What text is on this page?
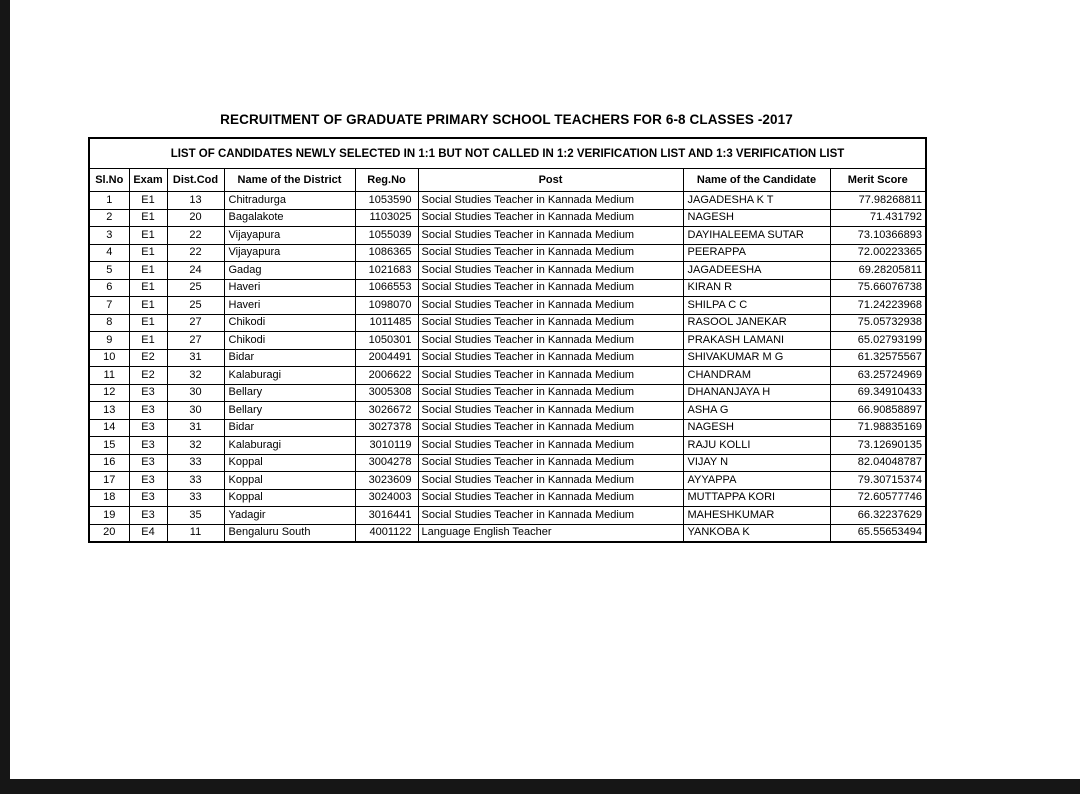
RECRUITMENT OF GRADUATE PRIMARY SCHOOL TEACHERS FOR 6-8 CLASSES -2017
LIST OF CANDIDATES NEWLY SELECTED IN 1:1 BUT NOT CALLED IN 1:2 VERIFICATION LIST AND 1:3 VERIFICATION LIST							
Sl.No	Exam	Dist.Cod	Name of the District	Reg.No	Post	Name of the Candidate	Merit Score
1	E1	13	Chitradurga	1053590	Social Studies Teacher in Kannada Medium	JAGADESHA K T	77.98268811
2	E1	20	Bagalakote	1103025	Social Studies Teacher in Kannada Medium	NAGESH	71.431792
3	E1	22	Vijayapura	1055039	Social Studies Teacher in Kannada Medium	DAYIHALEEMA SUTAR	73.10366893
4	E1	22	Vijayapura	1086365	Social Studies Teacher in Kannada Medium	PEERAPPA	72.00223365
5	E1	24	Gadag	1021683	Social Studies Teacher in Kannada Medium	JAGADEESHA	69.28205811
6	E1	25	Haveri	1066553	Social Studies Teacher in Kannada Medium	KIRAN R	75.66076738
7	E1	25	Haveri	1098070	Social Studies Teacher in Kannada Medium	SHILPA C C	71.24223968
8	E1	27	Chikodi	1011485	Social Studies Teacher in Kannada Medium	RASOOL JANEKAR	75.05732938
9	E1	27	Chikodi	1050301	Social Studies Teacher in Kannada Medium	PRAKASH LAMANI	65.02793199
10	E2	31	Bidar	2004491	Social Studies Teacher in Kannada Medium	SHIVAKUMAR M G	61.32575567
11	E2	32	Kalaburagi	2006622	Social Studies Teacher in Kannada Medium	CHANDRAM	63.25724969
12	E3	30	Bellary	3005308	Social Studies Teacher in Kannada Medium	DHANANJAYA H	69.34910433
13	E3	30	Bellary	3026672	Social Studies Teacher in Kannada Medium	ASHA G	66.90858897
14	E3	31	Bidar	3027378	Social Studies Teacher in Kannada Medium	NAGESH	71.98835169
15	E3	32	Kalaburagi	3010119	Social Studies Teacher in Kannada Medium	RAJU KOLLI	73.12690135
16	E3	33	Koppal	3004278	Social Studies Teacher in Kannada Medium	VIJAY N	82.04048787
17	E3	33	Koppal	3023609	Social Studies Teacher in Kannada Medium	AYYAPPA	79.30715374
18	E3	33	Koppal	3024003	Social Studies Teacher in Kannada Medium	MUTTAPPA KORI	72.60577746
19	E3	35	Yadagir	3016441	Social Studies Teacher in Kannada Medium	MAHESHKUMAR	66.32237629
20	E4	11	Bengaluru South	4001122	Language English Teacher	YANKOBA K	65.55653494
